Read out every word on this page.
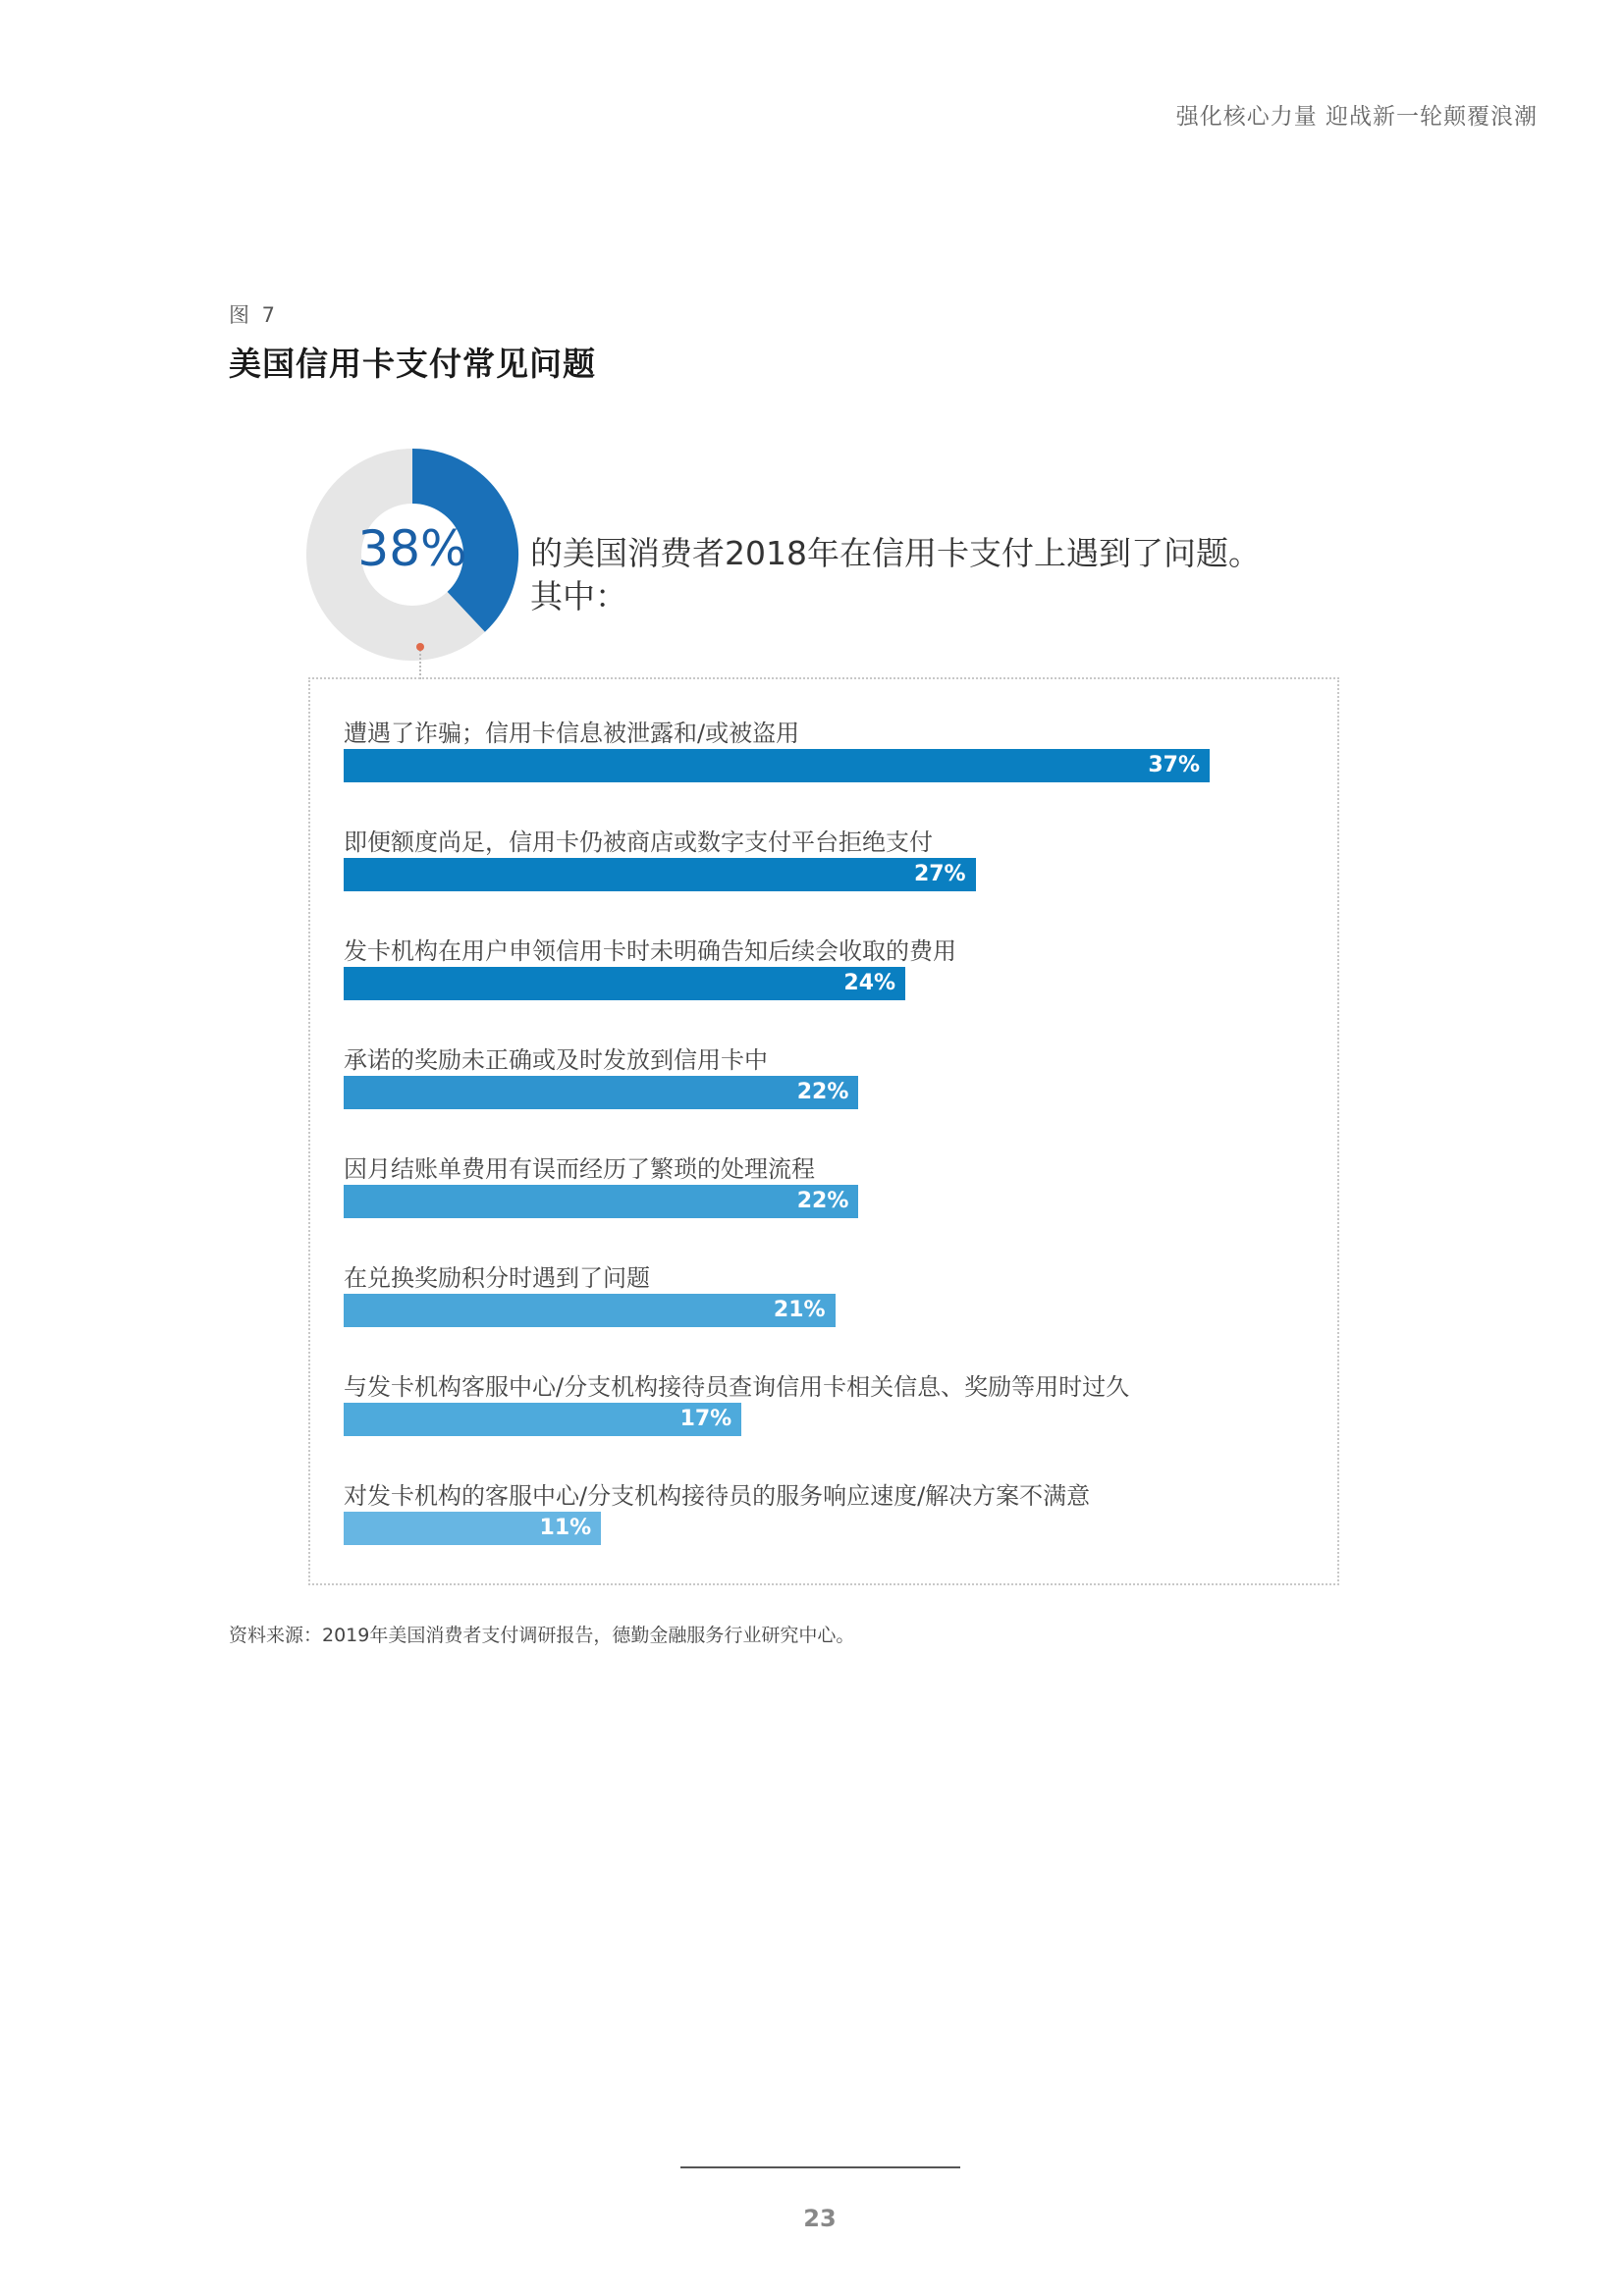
强化核心力量 迎战新一轮颠覆浪潮
图 7
美国信用卡支付常见问题
38% 的美国消费者2018年在信用卡支付上遇到了问题。
其中：
遭遇了诈骗；信用卡信息被泄露和/或被盗用
37%
即便额度尚足，信用卡仍被商店或数字支付平台拒绝支付
27%
发卡机构在用户申领信用卡时未明确告知后续会收取的费用
24%
承诺的奖励未正确或及时发放到信用卡中
22%
因月结账单费用有误而经历了繁琐的处理流程
22%
在兑换奖励积分时遇到了问题
21%
与发卡机构客服中心/分支机构接待员查询信用卡相关信息、奖励等用时过久
17%
对发卡机构的客服中心/分支机构接待员的服务响应速度/解决方案不满意
11%
资料来源：2019年美国消费者支付调研报告，德勤金融服务行业研究中心。
23
